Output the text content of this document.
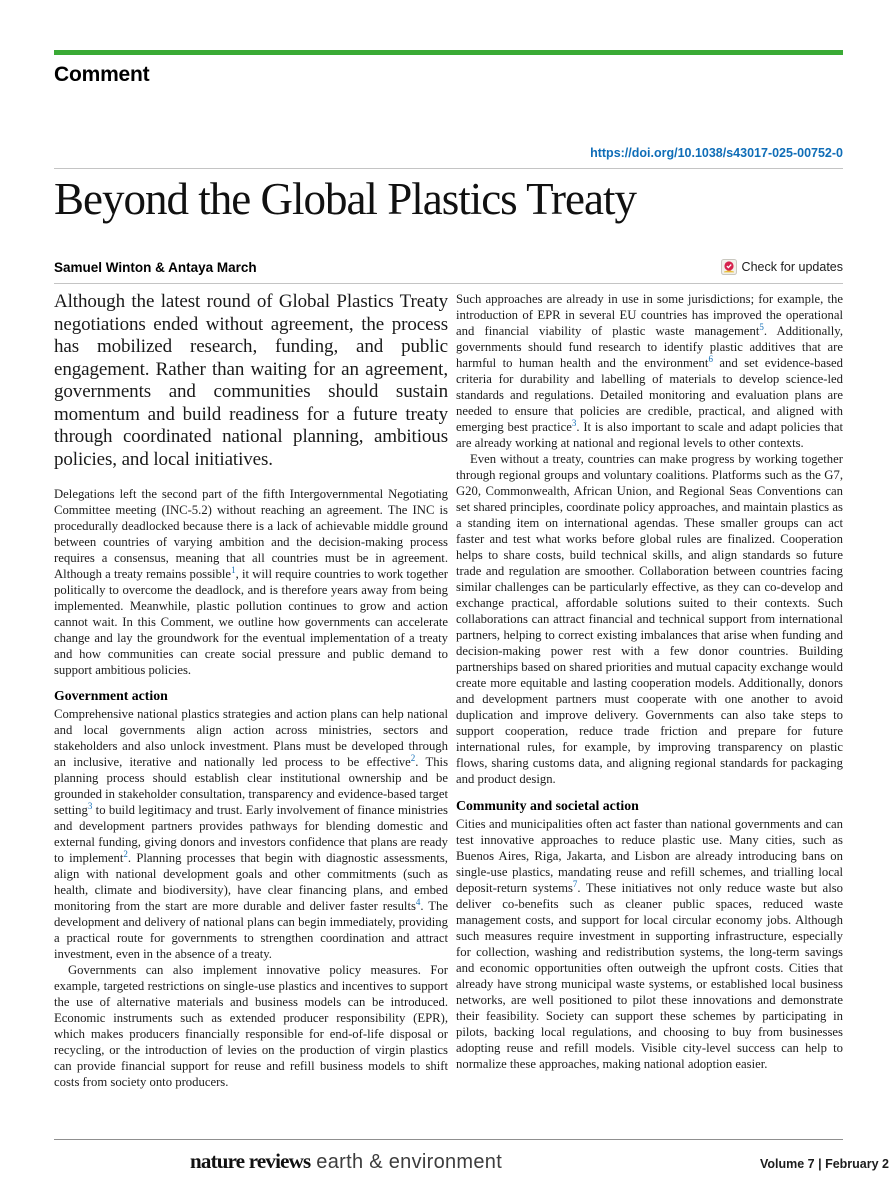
Comment
https://doi.org/10.1038/s43017-025-00752-0
Beyond the Global Plastics Treaty
Samuel Winton & Antaya March	Check for updates

Although the latest round of Global Plastics Treaty negotiations ended without agreement, the process has mobilized research, funding, and public engagement. Rather than waiting for an agreement, governments and communities should sustain momentum and build readiness for a future treaty through coordinated national planning, ambitious policies, and local initiatives.

Delegations left the second part of the fifth Intergovernmental Negotiating Committee meeting (INC-5.2) without reaching an agreement. The INC is procedurally deadlocked because there is a lack of achievable middle ground between countries of varying ambition and the decision-making process requires a consensus, meaning that all countries must be in agreement. Although a treaty remains possible$^1$, it will require countries to work together politically to overcome the deadlock, and is therefore years away from being implemented. Meanwhile, plastic pollution continues to grow and action cannot wait. In this Comment, we outline how governments can accelerate change and lay the groundwork for the eventual implementation of a treaty and how communities can create social pressure and public demand to support ambitious policies.

Government action

Comprehensive national plastics strategies and action plans can help national and local governments align action across ministries, sectors and stakeholders and also unlock investment. Plans must be developed through an inclusive, iterative and nationally led process to be effective$^2$. This planning process should establish clear institutional ownership and be grounded in stakeholder consultation, transparency and evidence-based target setting$^3$ to build legitimacy and trust. Early involvement of finance ministries and development partners provides pathways for blending domestic and external funding, giving donors and investors confidence that plans are ready to implement$^2$. Planning processes that begin with diagnostic assessments, align with national development goals and other commitments (such as health, climate and biodiversity), have clear financing plans, and embed monitoring from the start are more durable and deliver faster results$^4$. The development and delivery of national plans can begin immediately, providing a practical route for governments to strengthen coordination and attract investment, even in the absence of a treaty.

Governments can also implement innovative policy measures. For example, targeted restrictions on single-use plastics and incentives to support the use of alternative materials and business models can be introduced. Economic instruments such as extended producer responsibility (EPR), which makes producers financially responsible for end-of-life disposal or recycling, or the introduction of levies on the production of virgin plastics can provide financial support for reuse and refill business models to shift costs from society onto producers.

Such approaches are already in use in some jurisdictions; for example, the introduction of EPR in several EU countries has improved the operational and financial viability of plastic waste management$^5$. Additionally, governments should fund research to identify plastic additives that are harmful to human health and the environment$^6$ and set evidence-based criteria for durability and labelling of materials to develop science-led standards and regulations. Detailed monitoring and evaluation plans are needed to ensure that policies are credible, practical, and aligned with emerging best practice$^3$. It is also important to scale and adapt policies that are already working at national and regional levels to other contexts.

Even without a treaty, countries can make progress by working together through regional groups and voluntary coalitions. Platforms such as the G7, G20, Commonwealth, African Union, and Regional Seas Conventions can set shared principles, coordinate policy approaches, and maintain plastics as a standing item on international agendas. These smaller groups can act faster and test what works before global rules are finalized. Cooperation helps to share costs, build technical skills, and align standards so future trade and regulation are smoother. Collaboration between countries facing similar challenges can be particularly effective, as they can co-develop and exchange practical, affordable solutions suited to their contexts. Such collaborations can attract financial and technical support from international partners, helping to correct existing imbalances that arise when funding and decision-making power rest with a few donor countries. Building partnerships based on shared priorities and mutual capacity exchange would create more equitable and lasting cooperation models. Additionally, donors and development partners must cooperate with one another to avoid duplication and improve delivery. Governments can also take steps to support cooperation, reduce trade friction and prepare for future international rules, for example, by improving transparency on plastic flows, sharing customs data, and aligning regional standards for packaging and product design.

Community and societal action

Cities and municipalities often act faster than national governments and can test innovative approaches to reduce plastic use. Many cities, such as Buenos Aires, Riga, Jakarta, and Lisbon are already introducing bans on single-use plastics, mandating reuse and refill schemes, and trialling local deposit-return systems$^7$. These initiatives not only reduce waste but also deliver co-benefits such as cleaner public spaces, reduced waste management costs, and support for local circular economy jobs. Although such measures require investment in supporting infrastructure, especially for collection, washing and redistribution systems, the long-term savings and economic opportunities often outweigh the upfront costs. Cities that already have strong municipal waste systems, or established local business networks, are well positioned to pilot these innovations and demonstrate their feasibility. Society can support these schemes by participating in pilots, backing local regulations, and choosing to buy from businesses adopting reuse and refill models. Visible city-level success can help to normalize these approaches, making national adoption easier.

nature reviews earth & environment	Volume 7 | February 2
